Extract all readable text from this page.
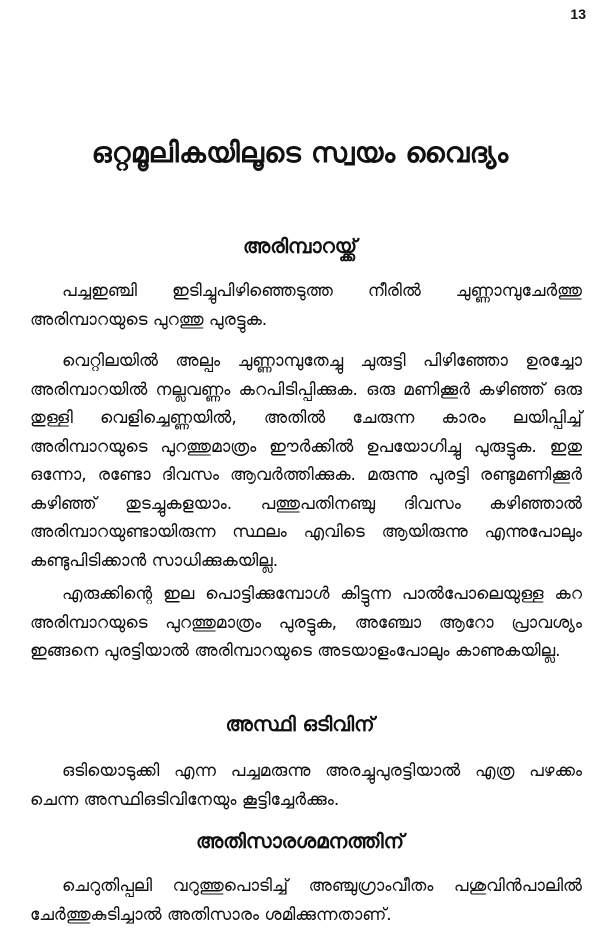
13
ഒറ്റമൂലികയിലൂടെ സ്വയം വൈദ്യം
അരിമ്പാറയ്ക്ക്

പച്ചഇഞ്ചി ഇടിച്ചുപിഴിഞ്ഞെടുത്ത നീരിൽ ചുണ്ണാമ്പുചേർത്തു അരിമ്പാറയുടെ പുറത്തു പുരട്ടുക.

വെറ്റിലയിൽ അല്പം ചുണ്ണാമ്പുതേച്ചു ചുരുട്ടി പിഴിഞ്ഞോ ഉരച്ചോ അരിമ്പാറയിൽ നല്ലവണ്ണം കറപിടിപ്പിക്കുക. ഒരു മണിക്കൂർ കഴിഞ്ഞ് ഒരു തുള്ളി വെളിച്ചെണ്ണയിൽ, അതിൽ ചേരുന്ന കാരം ലയിപ്പിച്ച് അരിമ്പാറയുടെ പുറത്തുമാത്രം ഈർക്കിൽ ഉപയോഗിച്ചു പുരുട്ടുക. ഇതു ഒന്നോ, രണ്ടോ ദിവസം ആവർത്തിക്കുക. മരുന്നു പുരട്ടി രണ്ടുമണിക്കൂർ കഴിഞ്ഞ് തുടച്ചുകളയാം. പത്തുപതിനഞ്ചു ദിവസം കഴിഞ്ഞാൽ അരിമ്പാറയുണ്ടായിരുന്ന സ്ഥലം എവിടെ ആയിരുന്നു എന്നുപോലും കണ്ടുപിടിക്കാൻ സാധിക്കുകയില്ല.

എരുക്കിന്റെ ഇല പൊട്ടിക്കുമ്പോൾ കിട്ടുന്ന പാൽപോലെയുള്ള കറ അരിമ്പാറയുടെ പുറത്തുമാത്രം പുരട്ടുക, അഞ്ചോ ആറോ പ്രാവശ്യം ഇങ്ങനെ പുരട്ടിയാൽ അരിമ്പാറയുടെ അടയാളംപോലും കാണുകയില്ല.

അസ്ഥി ഒടിവിന്

ഒടിയൊടുക്കി എന്ന പച്ചമരുന്നു അരച്ചുപുരട്ടിയാൽ എത്ര പഴക്കം ചെന്ന അസ്ഥിഒടിവിനേയും കൂട്ടിച്ചേർക്കും.

അതിസാരശമനത്തിന്

ചെറുതിപ്പലി വറുത്തുപൊടിച്ച് അഞ്ചുഗ്രാംവീതം പശുവിൻപാലിൽ ചേർത്തുകുടിച്ചാൽ അതിസാരം ശമിക്കുന്നതാണ്.
